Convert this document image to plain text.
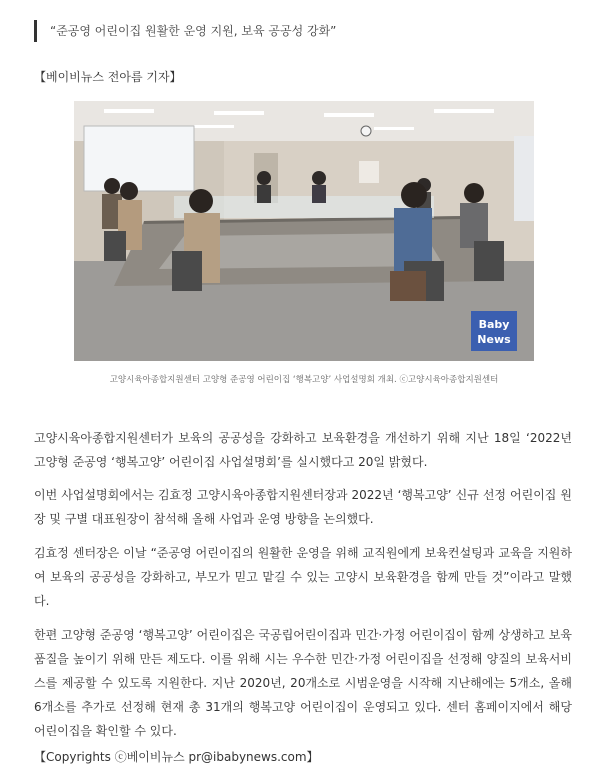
“준공영 어린이집 원활한 운영 지원, 보육 공공성 강화”
【베이비뉴스 전아름 기자】
Baby
News
고양시육아종합지원센터 고양형 준공영 어린이집 ‘행복고양’ 사업설명회 개최. ⓒ고양시육아종합지원센터

고양시육아종합지원센터가 보육의 공공성을 강화하고 보육환경을 개선하기 위해 지난 18일 ‘2022년 고양형 준공영 ‘행복고양’ 어린이집 사업설명회’를 실시했다고 20일 밝혔다.

이번 사업설명회에서는 김효정 고양시육아종합지원센터장과 2022년 ‘행복고양’ 신규 선정 어린이집 원장 및 구별 대표원장이 참석해 올해 사업과 운영 방향을 논의했다.

김효정 센터장은 이날 “준공영 어린이집의 원활한 운영을 위해 교직원에게 보육컨설팅과 교육을 지원하여 보육의 공공성을 강화하고, 부모가 믿고 맡길 수 있는 고양시 보육환경을 함께 만들 것”이라고 말했다.

한편 고양형 준공영 ‘행복고양’ 어린이집은 국공립어린이집과 민간·가정 어린이집이 함께 상생하고 보육 품질을 높이기 위해 만든 제도다. 이를 위해 시는 우수한 민간·가정 어린이집을 선정해 양질의 보육서비스를 제공할 수 있도록 지원한다. 지난 2020년, 20개소로 시범운영을 시작해 지난해에는 5개소, 올해 6개소를 추가로 선정해 현재 총 31개의 행복고양 어린이집이 운영되고 있다. 센터 홈페이지에서 해당 어린이집을 확인할 수 있다.

【Copyrights ⓒ베이비뉴스 pr@ibabynews.com】
